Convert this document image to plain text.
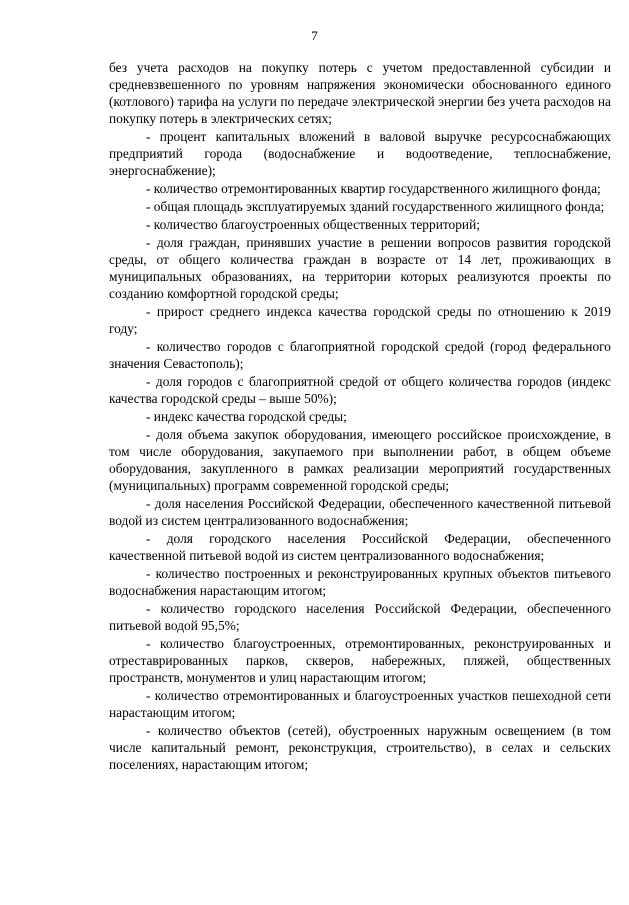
7

без учета расходов на покупку потерь с учетом предоставленной субсидии и средневзвешенного по уровням напряжения экономически обоснованного единого (котлового) тарифа на услуги по передаче электрической энергии без учета расходов на покупку потерь в электрических сетях;

- процент капитальных вложений в валовой выручке ресурсоснабжающих предприятий города (водоснабжение и водоотведение, теплоснабжение, энергоснабжение);

- количество отремонтированных квартир государственного жилищного фонда;

- общая площадь эксплуатируемых зданий государственного жилищного фонда;

- количество благоустроенных общественных территорий;

- доля граждан, принявших участие в решении вопросов развития городской среды, от общего количества граждан в возрасте от 14 лет, проживающих в муниципальных образованиях, на территории которых реализуются проекты по созданию комфортной городской среды;

- прирост среднего индекса качества городской среды по отношению к 2019 году;

- количество городов с благоприятной городской средой (город федерального значения Севастополь);

- доля городов с благоприятной средой от общего количества городов (индекс качества городской среды – выше 50%);

- индекс качества городской среды;

- доля объема закупок оборудования, имеющего российское происхождение, в том числе оборудования, закупаемого при выполнении работ, в общем объеме оборудования, закупленного в рамках реализации мероприятий государственных (муниципальных) программ современной городской среды;

- доля населения Российской Федерации, обеспеченного качественной питьевой водой из систем централизованного водоснабжения;

- доля городского населения Российской Федерации, обеспеченного качественной питьевой водой из систем централизованного водоснабжения;

- количество построенных и реконструированных крупных объектов питьевого водоснабжения нарастающим итогом;

- количество городского населения Российской Федерации, обеспеченного питьевой водой 95,5%;

- количество благоустроенных, отремонтированных, реконструированных и отреставрированных парков, скверов, набережных, пляжей, общественных пространств, монументов и улиц нарастающим итогом;

- количество отремонтированных и благоустроенных участков пешеходной сети нарастающим итогом;

- количество объектов (сетей), обустроенных наружным освещением (в том числе капитальный ремонт, реконструкция, строительство), в селах и сельских поселениях, нарастающим итогом;
